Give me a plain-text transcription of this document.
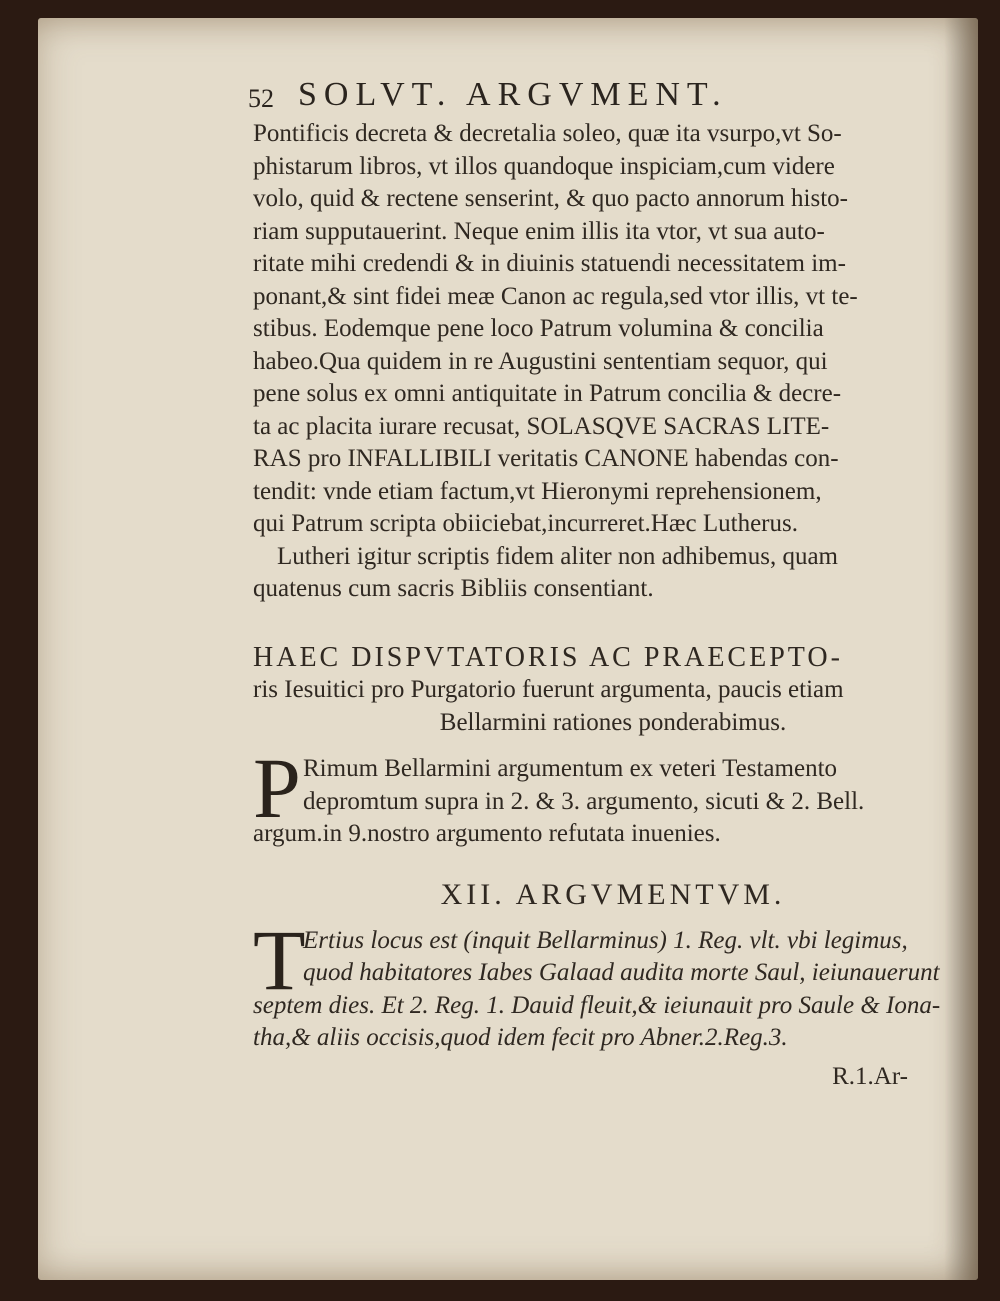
52 SOLVT. ARGVMENT.
Pontificis decreta & decretalia soleo, quæ ita vsurpo,vt So-
phistarum libros, vt illos quandoque inspiciam,cum videre
volo, quid & rectene senserint, & quo pacto annorum histo-
riam supputauerint. Neque enim illis ita vtor, vt sua auto-
ritate mihi credendi & in diuinis statuendi necessitatem im-
ponant,& sint fidei meæ Canon ac regula,sed vtor illis, vt te-
stibus. Eodemque pene loco Patrum volumina & concilia
habeo.Qua quidem in re Augustini sententiam sequor, qui
pene solus ex omni antiquitate in Patrum concilia & decre-
ta ac placita iurare recusat, SOLASQVE SACRAS LITE-
RAS pro INFALLIBILI veritatis CANONE habendas con-
tendit: vnde etiam factum,vt Hieronymi reprehensionem,
qui Patrum scripta obiiciebat,incurreret.Hæc Lutherus.
Lutheri igitur scriptis fidem aliter non adhibemus, quam
quatenus cum sacris Bibliis consentiant.
HAEC DISPVTATORIS AC PRAECEPTO-
ris Iesuitici pro Purgatorio fuerunt argumenta, paucis etiam
Bellarmini rationes ponderabimus.
P Rimum Bellarmini argumentum ex veteri Testamento
depromtum supra in 2. & 3. argumento, sicuti & 2. Bell.
argum.in 9.nostro argumento refutata inuenies.
XII. ARGVMENTVM.
T
Ertius locus est (inquit Bellarminus) 1. Reg. vlt. vbi legimus,
quod habitatores Iabes Galaad audita morte Saul, ieiunauerunt
septem dies. Et 2. Reg. 1. Dauid fleuit,& ieiunauit pro Saule & Iona-
tha,& aliis occisis,quod idem fecit pro Abner.2.Reg.3.
R.1.Ar-
